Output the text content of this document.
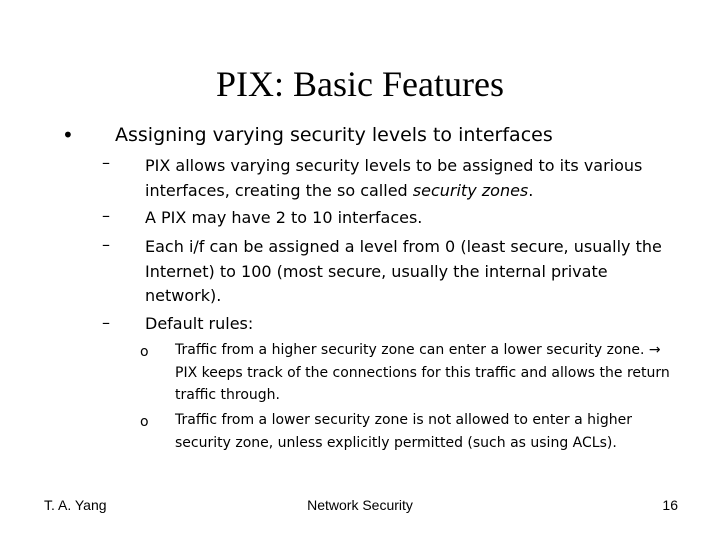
PIX: Basic Features
• Assigning varying security levels to interfaces
– PIX allows varying security levels to be assigned to its various interfaces, creating the so called security zones.
– A PIX may have 2 to 10 interfaces.
– Each i/f can be assigned a level from 0 (least secure, usually the Internet) to 100 (most secure, usually the internal private network).
– Default rules:
o Traffic from a higher security zone can enter a lower security zone. → PIX keeps track of the connections for this traffic and allows the return traffic through.
o Traffic from a lower security zone is not allowed to enter a higher security zone, unless explicitly permitted (such as using ACLs).
T. A. Yang	Network Security	16
